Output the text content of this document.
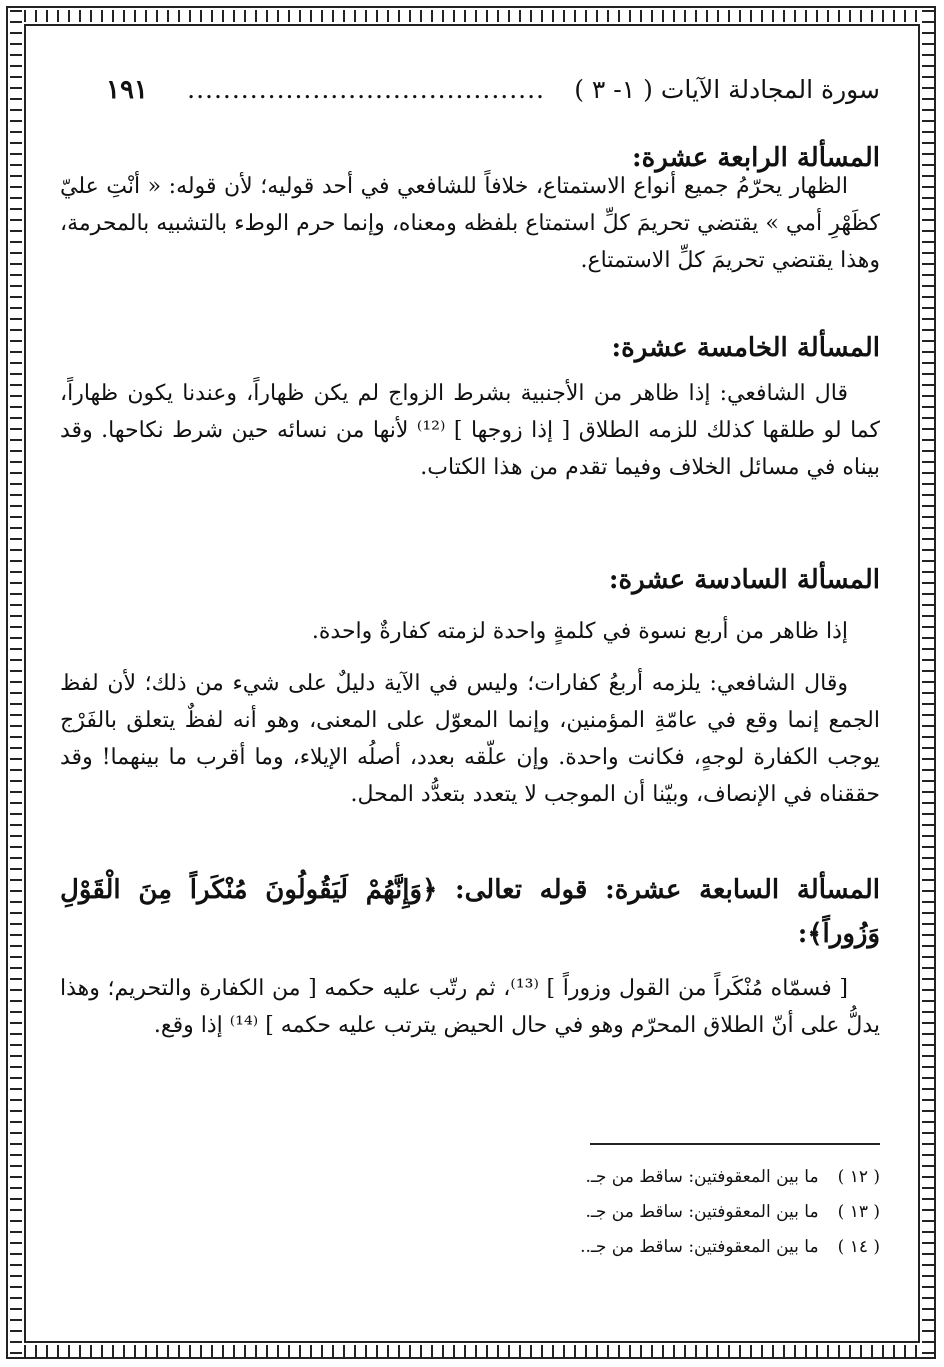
سورة المجادلة الآيات ( ١- ٣ )
........................................
١٩١
المسألة الرابعة عشرة:

الظهار يحرّمُ جميع أنواع الاستمتاع، خلافاً للشافعي في أحد قوليه؛ لأن قوله: « أنْتِ عليّ كظَهْرِ أمي » يقتضي تحريمَ كلِّ استمتاع بلفظه ومعناه، وإنما حرم الوطء بالتشبيه بالمحرمة، وهذا يقتضي تحريمَ كلِّ الاستمتاع.

المسألة الخامسة عشرة:

قال الشافعي: إذا ظاهر من الأجنبية بشرط الزواج لم يكن ظهاراً، وعندنا يكون ظهاراً، كما لو طلقها كذلك للزمه الطلاق [ إذا زوجها ] ⁽¹²⁾ لأنها من نسائه حين شرط نكاحها. وقد بيناه في مسائل الخلاف وفيما تقدم من هذا الكتاب.

المسألة السادسة عشرة:

إذا ظاهر من أربع نسوة في كلمةٍ واحدة لزمته كفارةٌ واحدة.

وقال الشافعي: يلزمه أربعُ كفارات؛ وليس في الآية دليلٌ على شيء من ذلك؛ لأن لفظ الجمع إنما وقع في عامّةِ المؤمنين، وإنما المعوّل على المعنى، وهو أنه لفظٌ يتعلق بالفَرْج يوجب الكفارة لوجهٍ، فكانت واحدة. وإن علّقه بعدد، أصلُه الإيلاء، وما أقرب ما بينهما! وقد حققناه في الإنصاف، وبيّنا أن الموجب لا يتعدد بتعدُّد المحل.

المسألة السابعة عشرة: قوله تعالى: ﴿وَإِنَّهُمْ لَيَقُولُونَ مُنْكَراً مِنَ الْقَوْلِ وَزُوراً﴾:

[ فسمّاه مُنْكَراً من القول وزوراً ] ⁽¹³⁾، ثم رتّب عليه حكمه [ من الكفارة والتحريم؛ وهذا يدلُّ على أنّ الطلاق المحرّم وهو في حال الحيض يترتب عليه حكمه ] ⁽¹⁴⁾ إذا وقع.

( ١٢ ) ما بين المعقوفتين: ساقط من جـ.
( ١٣ ) ما بين المعقوفتين: ساقط من جـ.
( ١٤ ) ما بين المعقوفتين: ساقط من جـ..
